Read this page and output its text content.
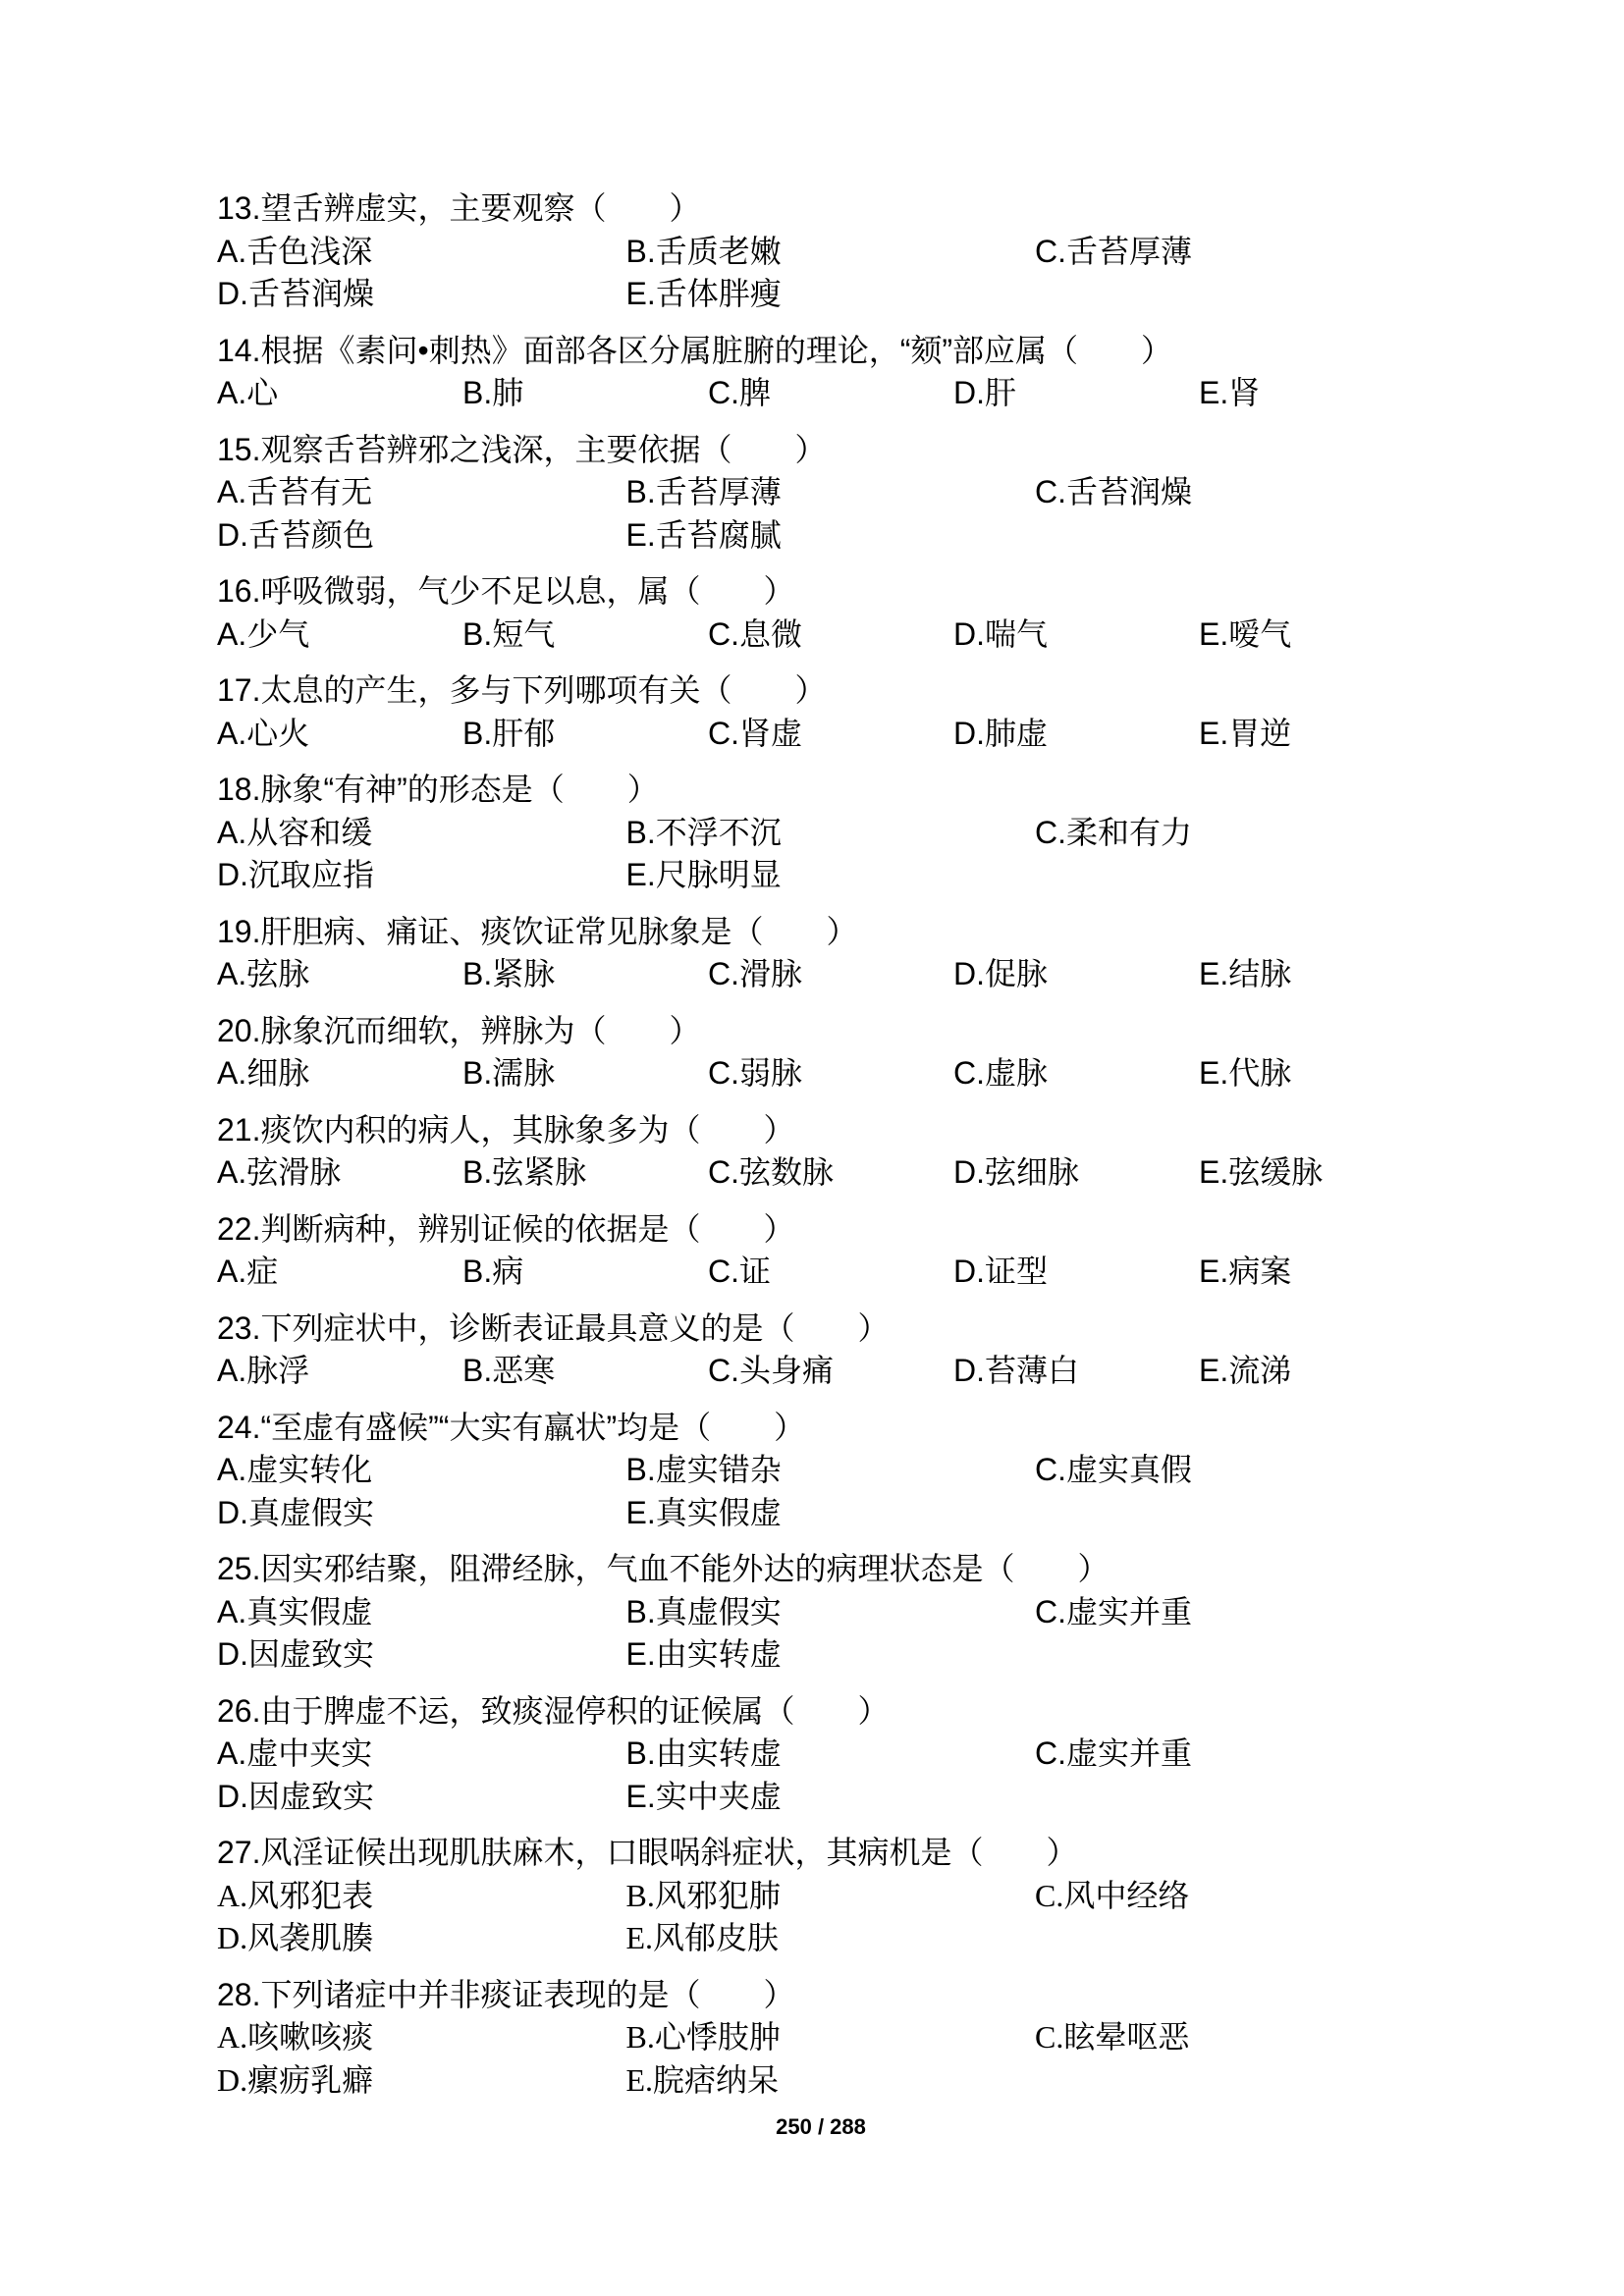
13.望舌辨虚实，主要观察（　　）
A.舌色浅深	B.舌质老嫩	C.舌苔厚薄
D.舌苔润燥	E.舌体胖瘦
14.根据《素问•刺热》面部各区分属脏腑的理论，“颏”部应属（　　）
A.心	B.肺	C.脾	D.肝	E.肾
15.观察舌苔辨邪之浅深，主要依据（　　）
A.舌苔有无	B.舌苔厚薄	C.舌苔润燥
D.舌苔颜色	E.舌苔腐腻
16.呼吸微弱，气少不足以息，属（　　）
A.少气	B.短气	C.息微	D.喘气	E.嗳气
17.太息的产生，多与下列哪项有关（　　）
A.心火	B.肝郁	C.肾虚	D.肺虚	E.胃逆
18.脉象“有神”的形态是（　　）
A.从容和缓	B.不浮不沉	C.柔和有力
D.沉取应指	E.尺脉明显
19.肝胆病、痛证、痰饮证常见脉象是（　　）
A.弦脉	B.紧脉	C.滑脉	D.促脉	E.结脉
20.脉象沉而细软，辨脉为（　　）
A.细脉	B.濡脉	C.弱脉	C.虚脉	E.代脉
21.痰饮内积的病人，其脉象多为（　　）
A.弦滑脉	B.弦紧脉	C.弦数脉	D.弦细脉	E.弦缓脉
22.判断病种，辨别证候的依据是（　　）
A.症	B.病	C.证	D.证型	E.病案
23.下列症状中，诊断表证最具意义的是（　　）
A.脉浮	B.恶寒	C.头身痛	D.苔薄白	E.流涕
24.“至虚有盛候”“大实有羸状”均是（　　）
A.虚实转化	B.虚实错杂	C.虚实真假
D.真虚假实	E.真实假虚
25.因实邪结聚，阻滞经脉，气血不能外达的病理状态是（　　）
A.真实假虚	B.真虚假实	C.虚实并重
D.因虚致实	E.由实转虚
26.由于脾虚不运，致痰湿停积的证候属（　　）
A.虚中夹实	B.由实转虚	C.虚实并重
D.因虚致实	E.实中夹虚
27.风淫证候出现肌肤麻木，口眼㖞斜症状，其病机是（　　）
A.风邪犯表	B.风邪犯肺	C.风中经络
D.风袭肌腠	E.风郁皮肤
28.下列诸症中并非痰证表现的是（　　）
A.咳嗽咳痰	B.心悸肢肿	C.眩晕呕恶
D.瘰疬乳癖	E.脘痞纳呆
250 / 288
